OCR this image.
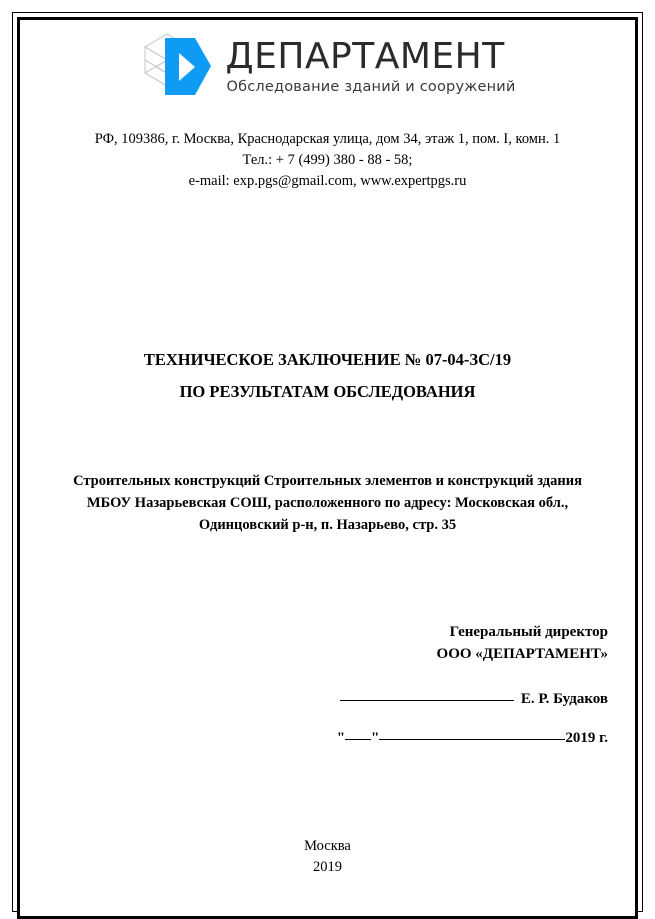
Д ЕПАРТАМЕНТ
Обследование зданий и сооружений
РФ, 109386, г. Москва, Краснодарская улица, дом 34, этаж 1, пом. I, комн. 1
Тел.: + 7 (499) 380 - 88 - 58;
e-mail: exp.pgs@gmail.com, www.expertpgs.ru
ТЕХНИЧЕСКОЕ ЗАКЛЮЧЕНИЕ № 07-04-ЗС/19
ПО РЕЗУЛЬТАТАМ ОБСЛЕДОВАНИЯ
Строительных конструкций Строительных элементов и конструкций здания
МБОУ Назарьевская СОШ, расположенного по адресу: Московская обл.,
Одинцовский р-н, п. Назарьево, стр. 35
Генеральный директор
ООО «ДЕПАРТАМЕНТ»
Е. Р. Будаков
" "	2019 г.
Москва
2019
